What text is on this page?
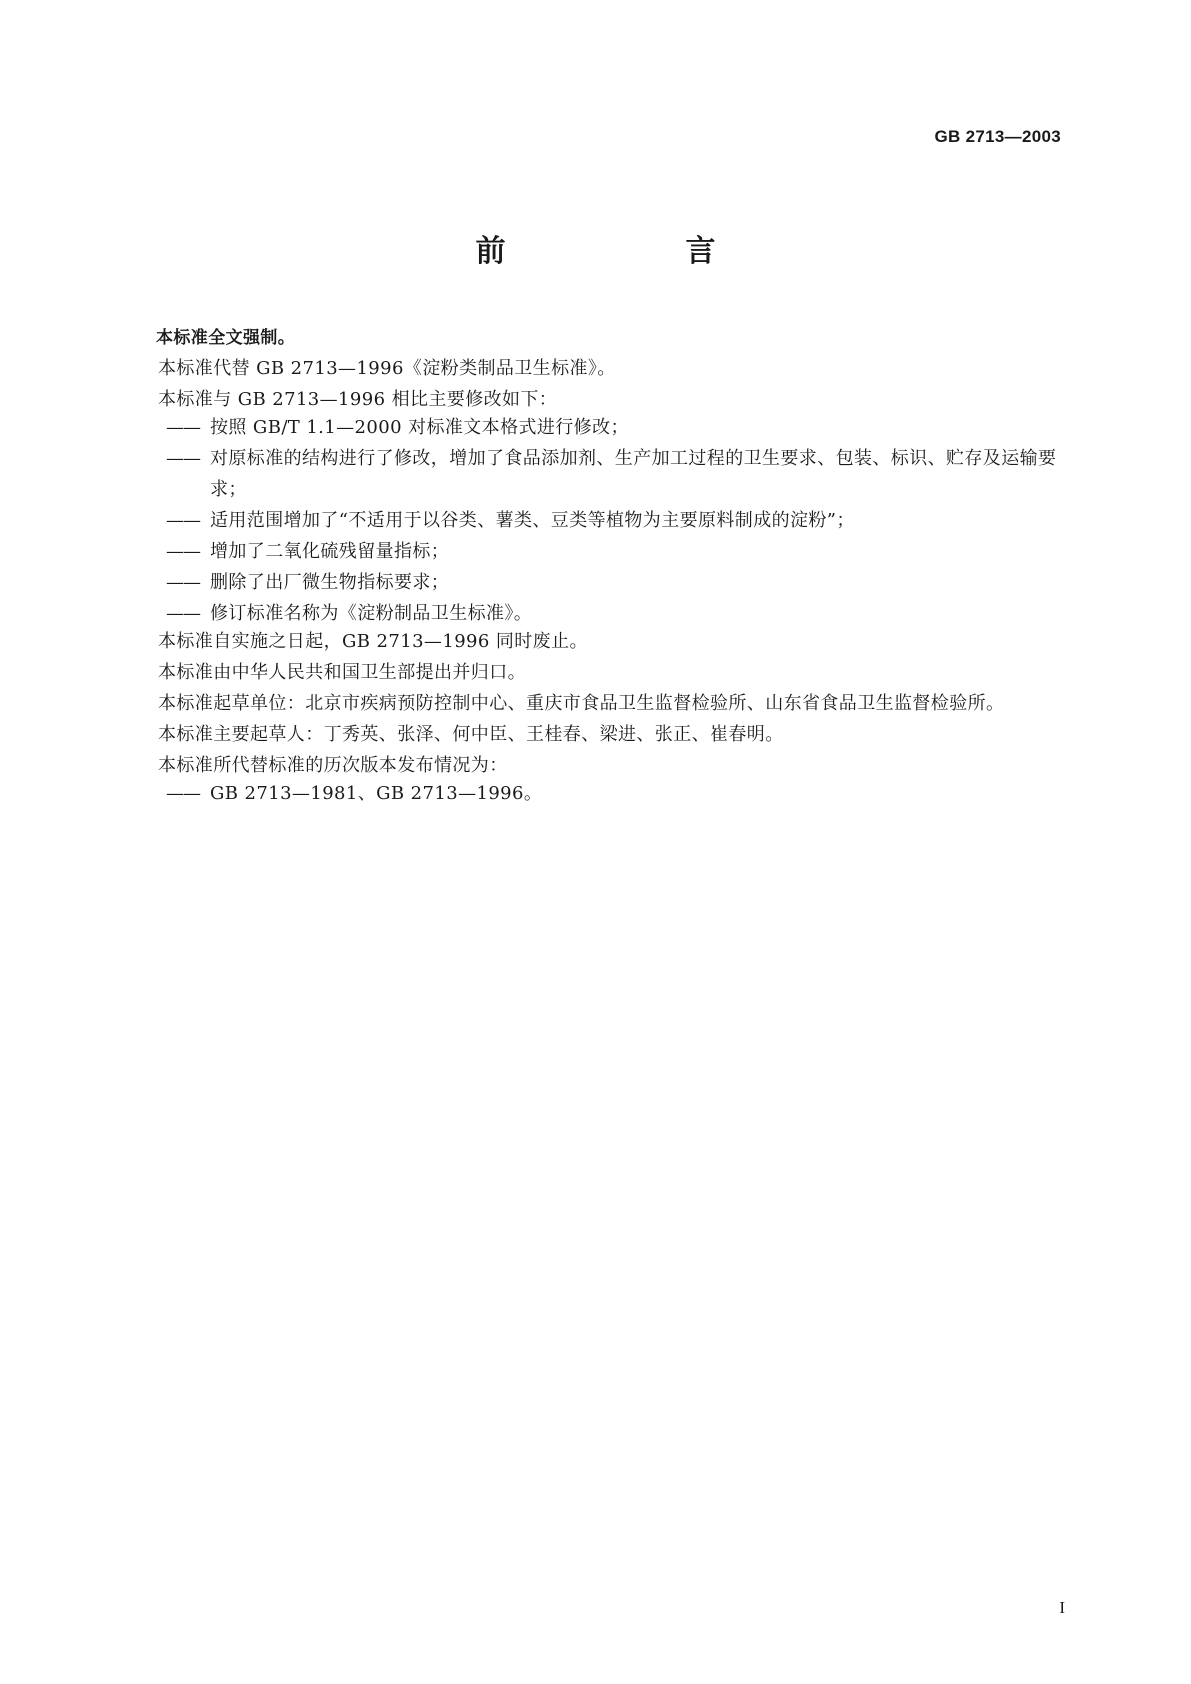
GB 2713—2003
前　　言

本标准全文强制。

本标准代替 GB 2713—1996《淀粉类制品卫生标准》。

本标准与 GB 2713—1996 相比主要修改如下：

—— 按照 GB/T 1.1—2000 对标准文本格式进行修改；

—— 对原标准的结构进行了修改，增加了食品添加剂、生产加工过程的卫生要求、包装、标识、贮存及运输要求；

—— 适用范围增加了“不适用于以谷类、薯类、豆类等植物为主要原料制成的淀粉”；

—— 增加了二氧化硫残留量指标；

—— 删除了出厂微生物指标要求；

—— 修订标准名称为《淀粉制品卫生标准》。

本标准自实施之日起，GB 2713—1996 同时废止。

本标准由中华人民共和国卫生部提出并归口。

本标准起草单位：北京市疾病预防控制中心、重庆市食品卫生监督检验所、山东省食品卫生监督检验所。

本标准主要起草人：丁秀英、张泽、何中臣、王桂春、梁进、张正、崔春明。

本标准所代替标准的历次版本发布情况为：

—— GB 2713—1981、GB 2713—1996。

I
